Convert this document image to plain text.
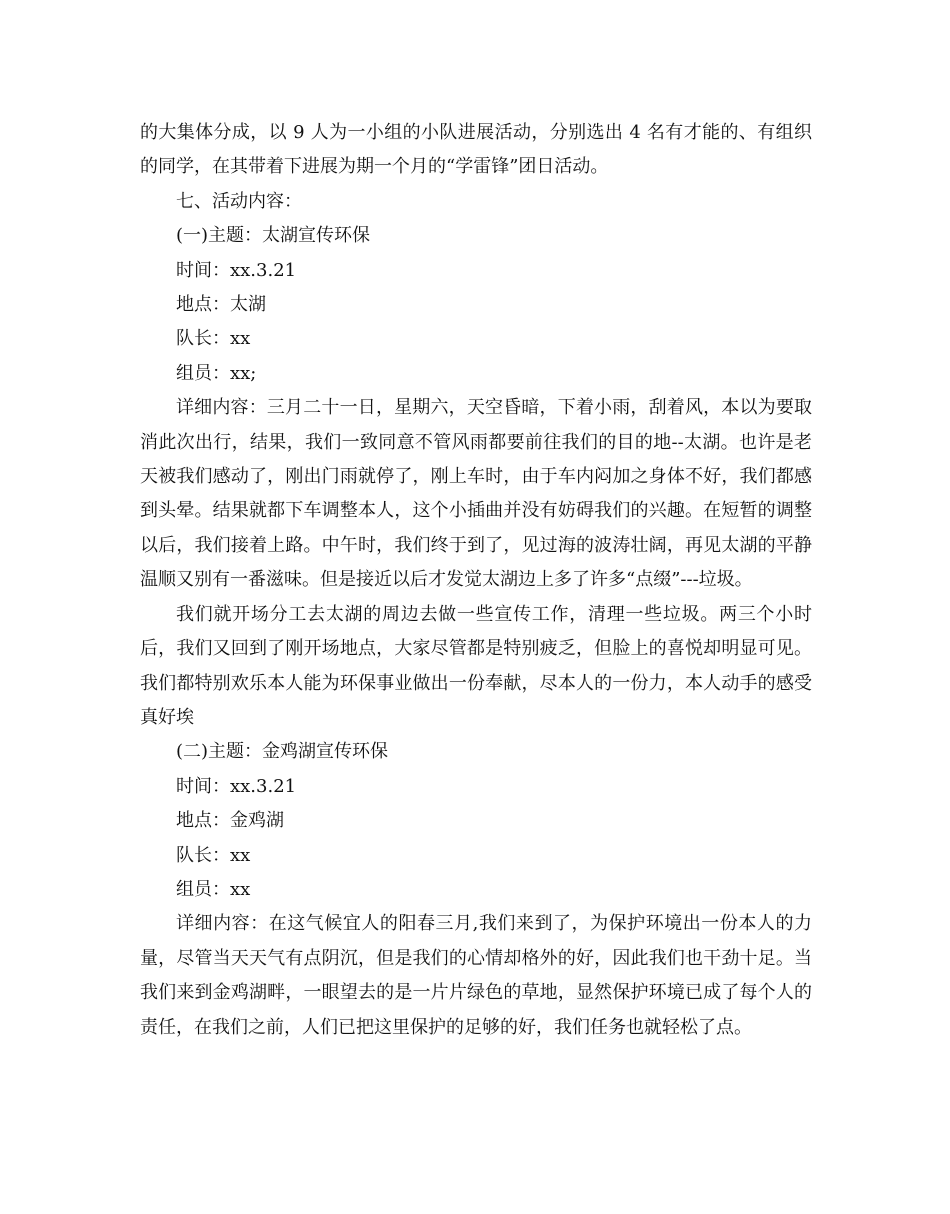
的大集体分成，以 9 人为一小组的小队进展活动，分别选出 4 名有才能的、有组织的同学，在其带着下进展为期一个月的“学雷锋”团日活动。

七、活动内容：

(一)主题：太湖宣传环保

时间：xx.3.21

地点：太湖

队长：xx

组员：xx;

详细内容：三月二十一日，星期六，天空昏暗，下着小雨，刮着风，本以为要取消此次出行，结果，我们一致同意不管风雨都要前往我们的目的地--太湖。也许是老天被我们感动了，刚出门雨就停了，刚上车时，由于车内闷加之身体不好，我们都感到头晕。结果就都下车调整本人，这个小插曲并没有妨碍我们的兴趣。在短暂的调整以后，我们接着上路。中午时，我们终于到了，见过海的波涛壮阔，再见太湖的平静温顺又别有一番滋味。但是接近以后才发觉太湖边上多了许多“点缀”---垃圾。

我们就开场分工去太湖的周边去做一些宣传工作，清理一些垃圾。两三个小时后，我们又回到了刚开场地点，大家尽管都是特别疲乏，但脸上的喜悦却明显可见。我们都特别欢乐本人能为环保事业做出一份奉献，尽本人的一份力，本人动手的感受真好埃

(二)主题：金鸡湖宣传环保

时间：xx.3.21

地点：金鸡湖

队长：xx

组员：xx

详细内容：在这气候宜人的阳春三月,我们来到了，为保护环境出一份本人的力量，尽管当天天气有点阴沉，但是我们的心情却格外的好，因此我们也干劲十足。当我们来到金鸡湖畔，一眼望去的是一片片绿色的草地，显然保护环境已成了每个人的责任，在我们之前，人们已把这里保护的足够的好，我们任务也就轻松了点。
